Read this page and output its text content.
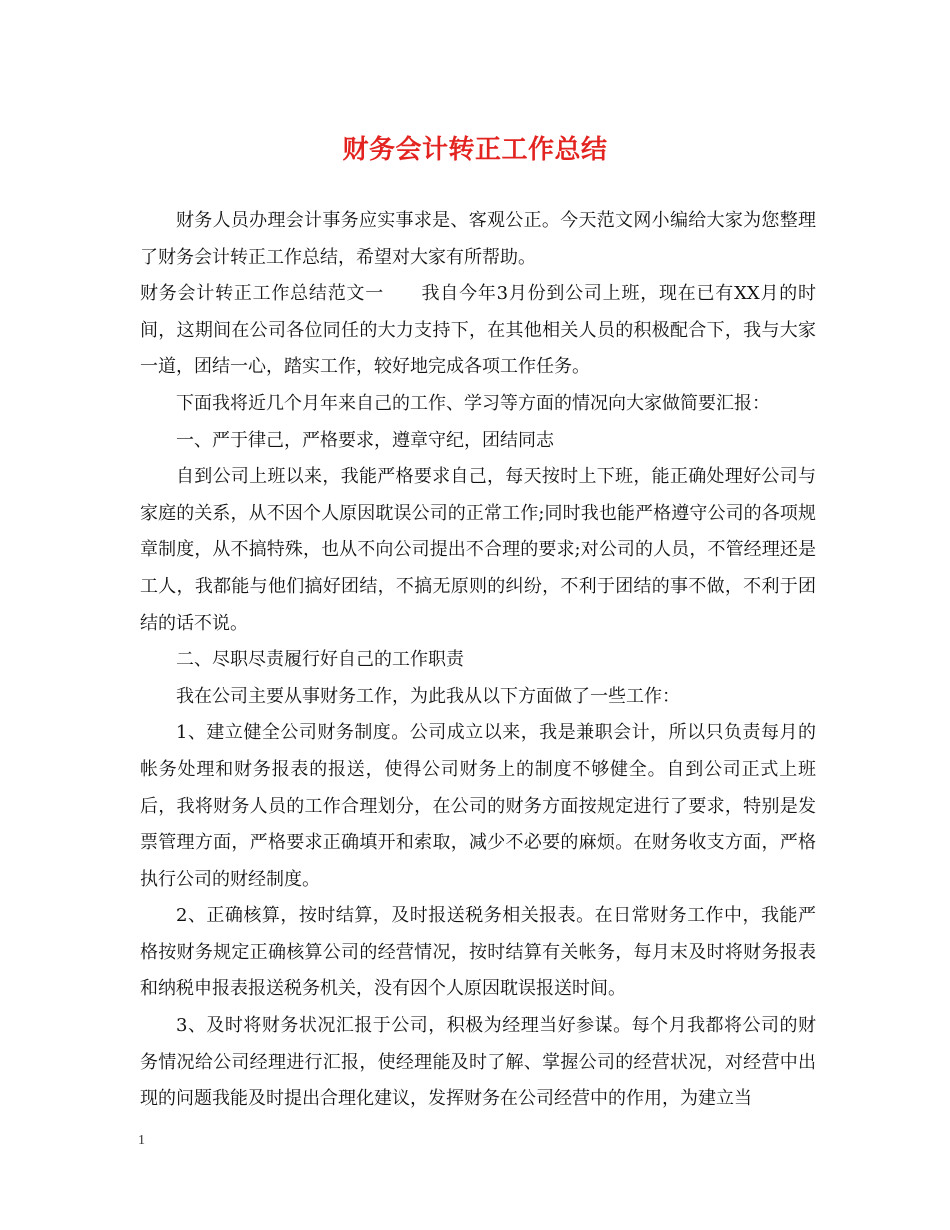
财务会计转正工作总结

财务人员办理会计事务应实事求是、客观公正。今天范文网小编给大家为您整理了财务会计转正工作总结，希望对大家有所帮助。

财务会计转正工作总结范文一　　我自今年3月份到公司上班，现在已有XX月的时间，这期间在公司各位同任的大力支持下，在其他相关人员的积极配合下，我与大家一道，团结一心，踏实工作，较好地完成各项工作任务。

下面我将近几个月年来自己的工作、学习等方面的情况向大家做简要汇报：

一、严于律己，严格要求，遵章守纪，团结同志

自到公司上班以来，我能严格要求自己，每天按时上下班，能正确处理好公司与家庭的关系，从不因个人原因耽误公司的正常工作;同时我也能严格遵守公司的各项规章制度，从不搞特殊，也从不向公司提出不合理的要求;对公司的人员，不管经理还是工人，我都能与他们搞好团结，不搞无原则的纠纷，不利于团结的事不做，不利于团结的话不说。

二、尽职尽责履行好自己的工作职责

我在公司主要从事财务工作，为此我从以下方面做了一些工作：

1、建立健全公司财务制度。公司成立以来，我是兼职会计，所以只负责每月的帐务处理和财务报表的报送，使得公司财务上的制度不够健全。自到公司正式上班后，我将财务人员的工作合理划分，在公司的财务方面按规定进行了要求，特别是发票管理方面，严格要求正确填开和索取，减少不必要的麻烦。在财务收支方面，严格执行公司的财经制度。

2、正确核算，按时结算，及时报送税务相关报表。在日常财务工作中，我能严格按财务规定正确核算公司的经营情况，按时结算有关帐务，每月末及时将财务报表和纳税申报表报送税务机关，没有因个人原因耽误报送时间。

3、及时将财务状况汇报于公司，积极为经理当好参谋。每个月我都将公司的财务情况给公司经理进行汇报，使经理能及时了解、掌握公司的经营状况，对经营中出现的问题我能及时提出合理化建议，发挥财务在公司经营中的作用，为建立当

1
